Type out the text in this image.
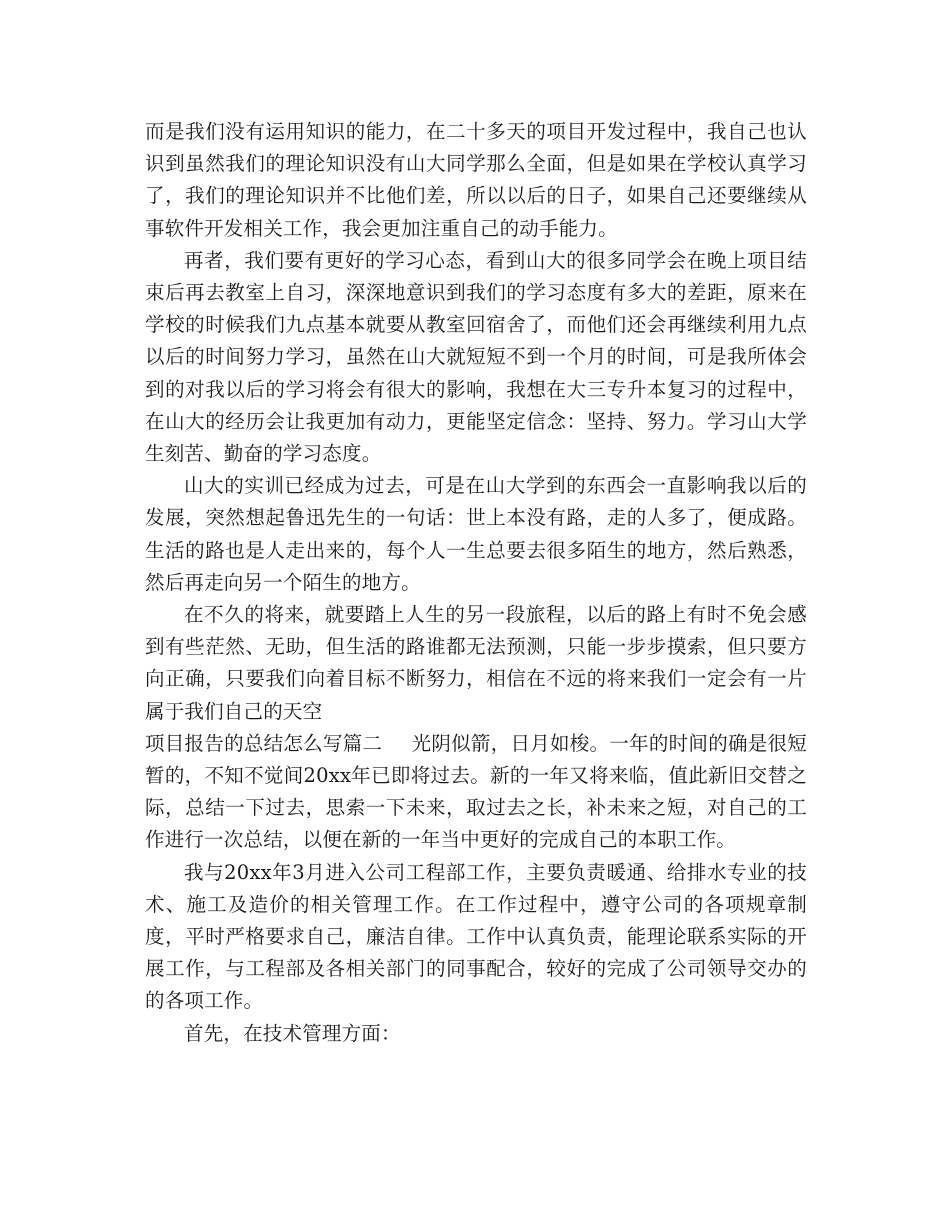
而是我们没有运用知识的能力，在二十多天的项目开发过程中，我自己也认识到虽然我们的理论知识没有山大同学那么全面，但是如果在学校认真学习了，我们的理论知识并不比他们差，所以以后的日子，如果自己还要继续从事软件开发相关工作，我会更加注重自己的动手能力。

再者，我们要有更好的学习心态，看到山大的很多同学会在晚上项目结束后再去教室上自习，深深地意识到我们的学习态度有多大的差距，原来在学校的时候我们九点基本就要从教室回宿舍了，而他们还会再继续利用九点以后的时间努力学习，虽然在山大就短短不到一个月的时间，可是我所体会到的对我以后的学习将会有很大的影响，我想在大三专升本复习的过程中，在山大的经历会让我更加有动力，更能坚定信念：坚持、努力。学习山大学生刻苦、勤奋的学习态度。

山大的实训已经成为过去，可是在山大学到的东西会一直影响我以后的发展，突然想起鲁迅先生的一句话：世上本没有路，走的人多了，便成路。生活的路也是人走出来的，每个人一生总要去很多陌生的地方，然后熟悉，然后再走向另一个陌生的地方。

在不久的将来，就要踏上人生的另一段旅程，以后的路上有时不免会感到有些茫然、无助，但生活的路谁都无法预测，只能一步步摸索，但只要方向正确，只要我们向着目标不断努力，相信在不远的将来我们一定会有一片属于我们自己的天空

项目报告的总结怎么写篇二 光阴似箭，日月如梭。一年的时间的确是很短暂的，不知不觉间20xx年已即将过去。新的一年又将来临，值此新旧交替之际，总结一下过去，思索一下未来，取过去之长，补未来之短，对自己的工作进行一次总结，以便在新的一年当中更好的完成自己的本职工作。

我与20xx年3月进入公司工程部工作，主要负责暖通、给排水专业的技术、施工及造价的相关管理工作。在工作过程中，遵守公司的各项规章制度，平时严格要求自己，廉洁自律。工作中认真负责，能理论联系实际的开展工作，与工程部及各相关部门的同事配合，较好的完成了公司领导交办的的各项工作。

首先，在技术管理方面：
